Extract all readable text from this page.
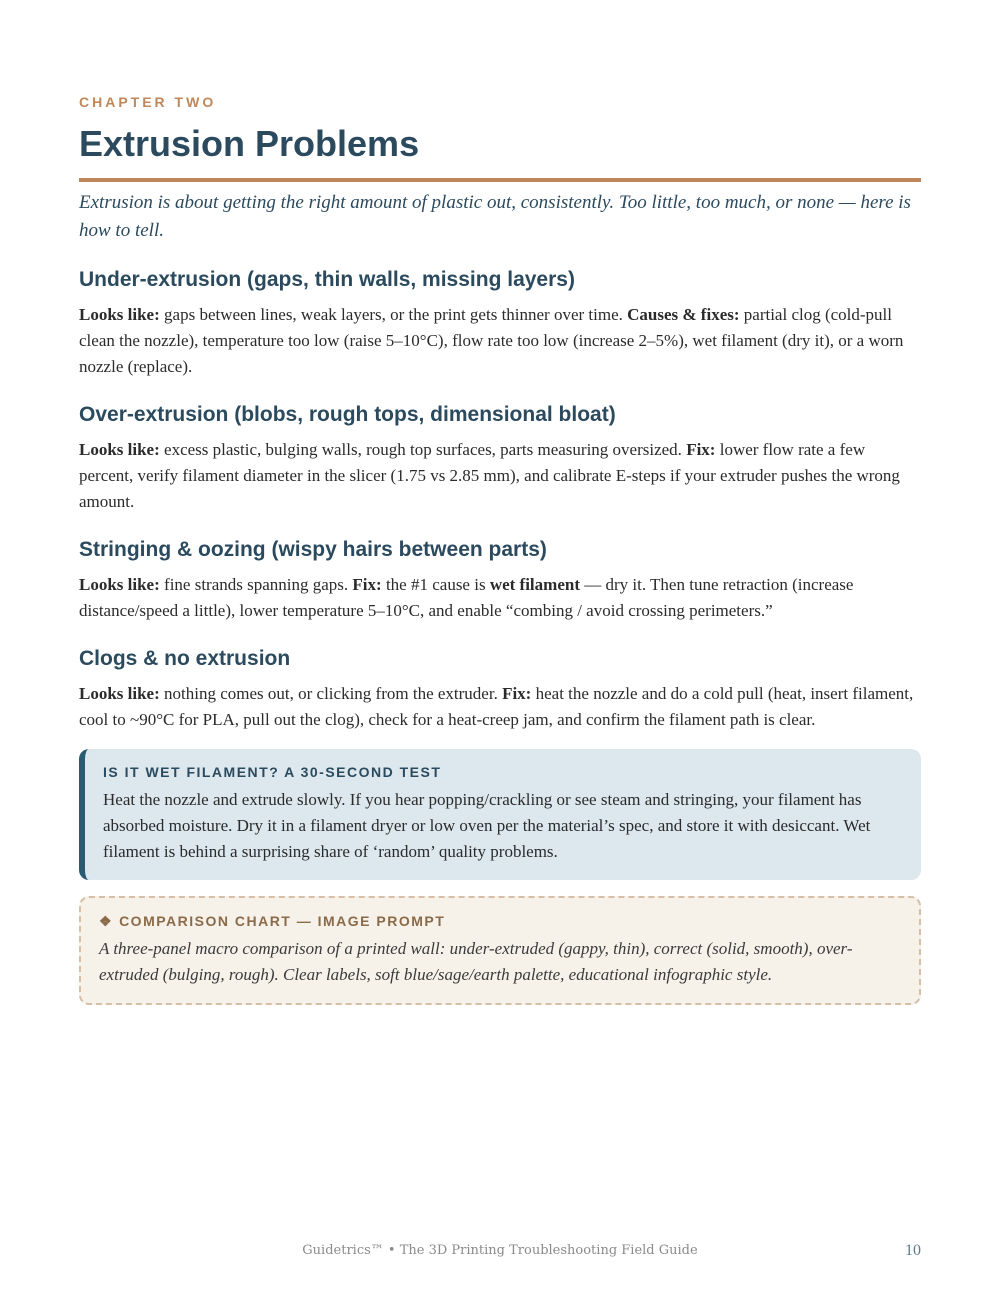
CHAPTER TWO

Extrusion Problems

Extrusion is about getting the right amount of plastic out, consistently. Too little, too much, or none — here is how to tell.

Under-extrusion (gaps, thin walls, missing layers)

Looks like: gaps between lines, weak layers, or the print gets thinner over time. Causes & fixes: partial clog (cold-pull clean the nozzle), temperature too low (raise 5–10°C), flow rate too low (increase 2–5%), wet filament (dry it), or a worn nozzle (replace).

Over-extrusion (blobs, rough tops, dimensional bloat)

Looks like: excess plastic, bulging walls, rough top surfaces, parts measuring oversized. Fix: lower flow rate a few percent, verify filament diameter in the slicer (1.75 vs 2.85 mm), and calibrate E-steps if your extruder pushes the wrong amount.

Stringing & oozing (wispy hairs between parts)

Looks like: fine strands spanning gaps. Fix: the #1 cause is wet filament — dry it. Then tune retraction (increase distance/speed a little), lower temperature 5–10°C, and enable “combing / avoid crossing perimeters.”

Clogs & no extrusion

Looks like: nothing comes out, or clicking from the extruder. Fix: heat the nozzle and do a cold pull (heat, insert filament, cool to ~90°C for PLA, pull out the clog), check for a heat-creep jam, and confirm the filament path is clear.

IS IT WET FILAMENT? A 30-SECOND TEST

Heat the nozzle and extrude slowly. If you hear popping/crackling or see steam and stringing, your filament has absorbed moisture. Dry it in a filament dryer or low oven per the material’s spec, and store it with desiccant. Wet filament is behind a surprising share of ‘random’ quality problems.

❖ COMPARISON CHART — IMAGE PROMPT

A three-panel macro comparison of a printed wall: under-extruded (gappy, thin), correct (solid, smooth), over-extruded (bulging, rough). Clear labels, soft blue/sage/earth palette, educational infographic style.

Guidetrics™ • The 3D Printing Troubleshooting Field Guide	10
